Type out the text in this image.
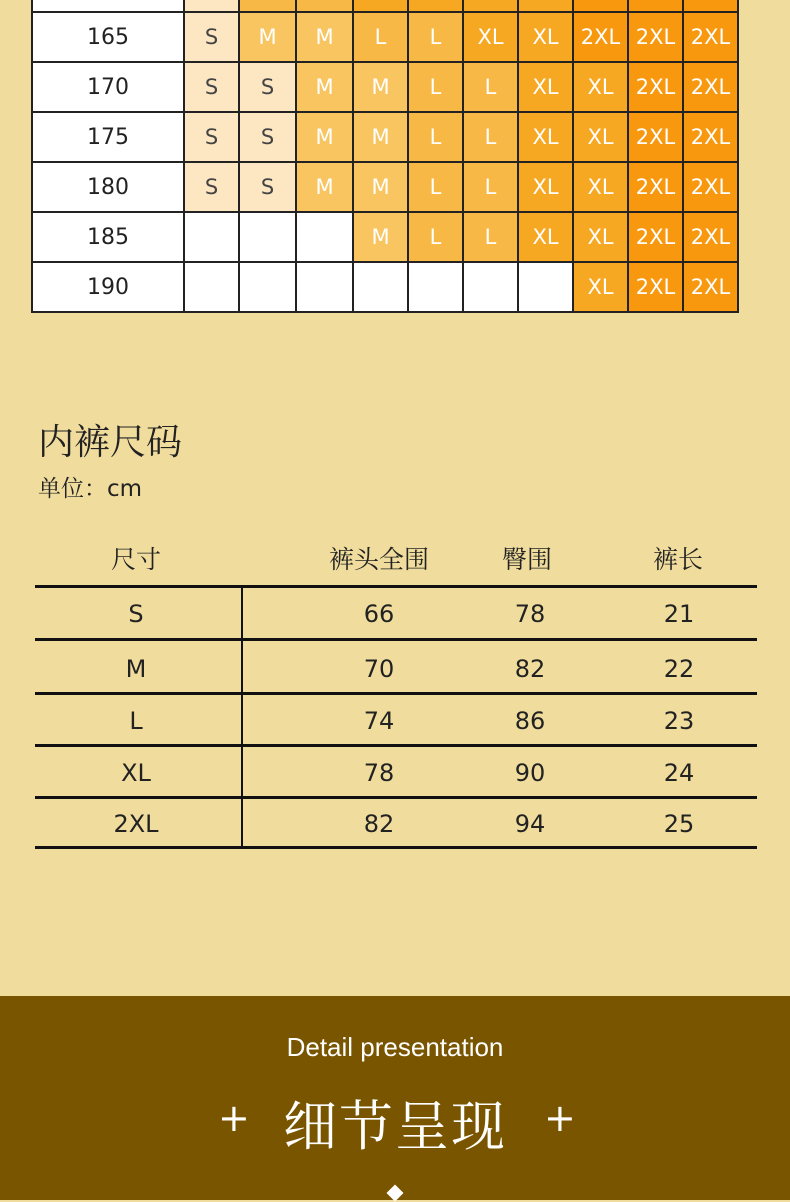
165	S	M	M	L	L	XL	XL	2XL	2XL	2XL
170	S	S	M	M	L	L	XL	XL	2XL	2XL
175	S	S	M	M	L	L	XL	XL	2XL	2XL
180	S	S	M	M	L	L	XL	XL	2XL	2XL
185				M	L	L	XL	XL	2XL	2XL
190								XL	2XL	2XL
内裤尺码
单位：cm
尺寸	裤头全围	臀围	裤长
S	66	78	21
M	70	82	22
L	74	86	23
XL	78	90	24
2XL	82	94	25
Detail presentation
+ 细节呈现 +
